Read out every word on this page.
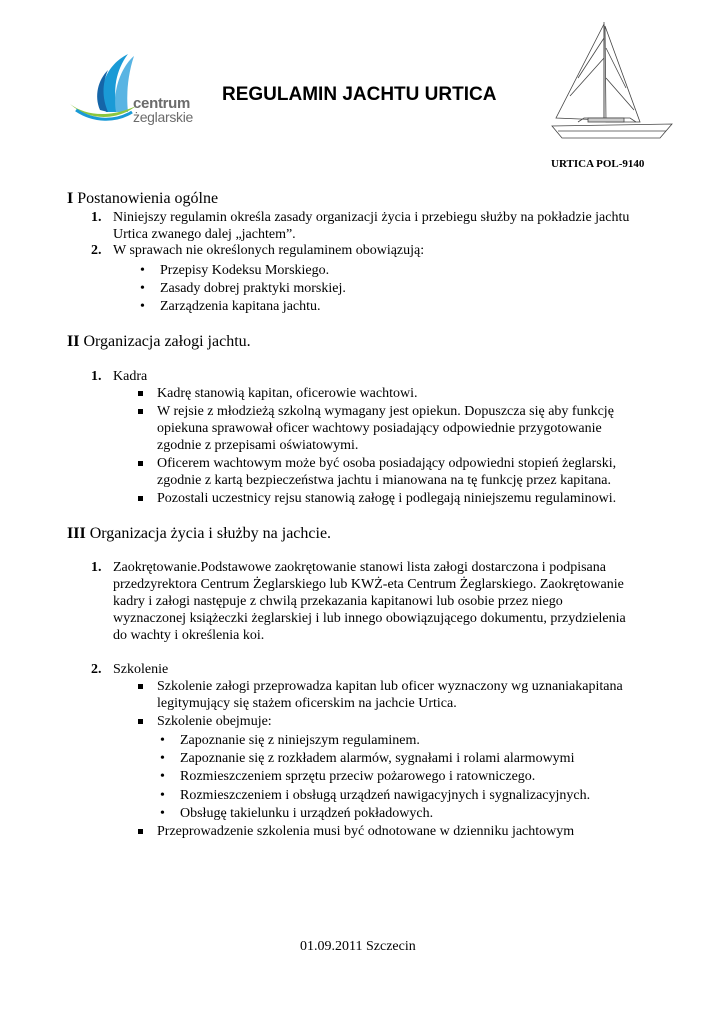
centrum
żeglarskie
REGULAMIN JACHTU URTICA
URTICA POL-9140
I Postanowienia ogólne
1. Niniejszy regulamin określa zasady organizacji życia i przebiegu służby na pokładzie jachtu
Urtica zwanego dalej „jachtem”.
2. W sprawach nie określonych regulaminem obowiązują:
• Przepisy Kodeksu Morskiego.
• Zasady dobrej praktyki morskiej.
• Zarządzenia kapitana jachtu.
II Organizacja załogi jachtu.
1. Kadra
Kadrę stanowią kapitan, oficerowie wachtowi.
W rejsie z młodzieżą szkolną wymagany jest opiekun. Dopuszcza się aby funkcję
opiekuna sprawował oficer wachtowy posiadający odpowiednie przygotowanie
zgodnie z przepisami oświatowymi.
Oficerem wachtowym może być osoba posiadający odpowiedni stopień żeglarski,
zgodnie z kartą bezpieczeństwa jachtu i mianowana na tę funkcję przez kapitana.
Pozostali uczestnicy rejsu stanowią załogę i podlegają niniejszemu regulaminowi.
III Organizacja życia i służby na jachcie.
1. Zaokrętowanie.Podstawowe zaokrętowanie stanowi lista załogi dostarczona i podpisana
przedzyrektora Centrum Żeglarskiego lub KWŻ-eta Centrum Żeglarskiego. Zaokrętowanie
kadry i załogi następuje z chwilą przekazania kapitanowi lub osobie przez niego
wyznaczonej książeczki żeglarskiej i lub innego obowiązującego dokumentu, przydzielenia
do wachty i określenia koi.
2. Szkolenie
Szkolenie załogi przeprowadza kapitan lub oficer wyznaczony wg uznaniakapitana
legitymujący się stażem oficerskim na jachcie Urtica.
Szkolenie obejmuje:
• Zapoznanie się z niniejszym regulaminem.
• Zapoznanie się z rozkładem alarmów, sygnałami i rolami alarmowymi
• Rozmieszczeniem sprzętu przeciw pożarowego i ratowniczego.
• Rozmieszczeniem i obsługą urządzeń nawigacyjnych i sygnalizacyjnych.
• Obsługę takielunku i urządzeń pokładowych.
Przeprowadzenie szkolenia musi być odnotowane w dzienniku jachtowym
01.09.2011 Szczecin
